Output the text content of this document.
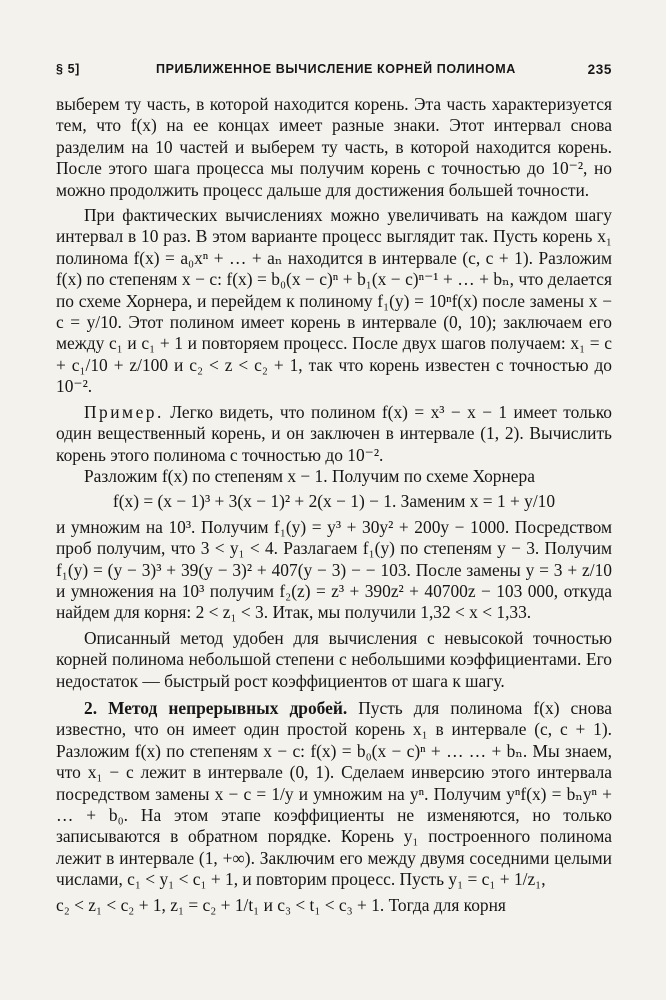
§ 5]	ПРИБЛИЖЕННОЕ ВЫЧИСЛЕНИЕ КОРНЕЙ ПОЛИНОМА	235

выберем ту часть, в которой находится корень. Эта часть характеризуется тем, что f(x) на ее концах имеет разные знаки. Этот интервал снова разделим на 10 частей и выберем ту часть, в которой находится корень. После этого шага процесса мы получим корень с точностью до 10⁻², но можно продолжить процесс дальше для достижения большей точности.

При фактических вычислениях можно увеличивать на каждом шагу интервал в 10 раз. В этом варианте процесс выглядит так. Пусть корень x₁ полинома f(x) = a₀xⁿ + … + aₙ находится в интервале (c, c + 1). Разложим f(x) по степеням x − c: f(x) = b₀(x − c)ⁿ + b₁(x − c)ⁿ⁻¹ + … + bₙ, что делается по схеме Хорнера, и перейдем к полиному f₁(y) = 10ⁿf(x) после замены x − c = y/10. Этот полином имеет корень в интервале (0, 10); заключаем его между c₁ и c₁ + 1 и повторяем процесс. После двух шагов получаем: x₁ = c + c₁/10 + z/100 и c₂ < z < c₂ + 1, так что корень известен с точностью до 10⁻².

Пример. Легко видеть, что полином f(x) = x³ − x − 1 имеет только один вещественный корень, и он заключен в интервале (1, 2). Вычислить корень этого полинома с точностью до 10⁻².

Разложим f(x) по степеням x − 1. Получим по схеме Хорнера

f(x) = (x − 1)³ + 3(x − 1)² + 2(x − 1) − 1. Заменим x = 1 + y/10

и умножим на 10³. Получим f₁(y) = y³ + 30y² + 200y − 1000. Посредством проб получим, что 3 < y₁ < 4. Разлагаем f₁(y) по степеням y − 3. Получим f₁(y) = (y − 3)³ + 39(y − 3)² + 407(y − 3) − − 103. После замены y = 3 + z/10 и умножения на 10³ получим f₂(z) = z³ + 390z² + 40700z − 103 000, откуда найдем для корня: 2 < z₁ < 3. Итак, мы получили 1,32 < x < 1,33.

Описанный метод удобен для вычисления с невысокой точностью корней полинома небольшой степени с небольшими коэффициентами. Его недостаток — быстрый рост коэффициентов от шага к шагу.

2. Метод непрерывных дробей. Пусть для полинома f(x) снова известно, что он имеет один простой корень x₁ в интервале (c, c + 1). Разложим f(x) по степеням x − c: f(x) = b₀(x − c)ⁿ + … … + bₙ. Мы знаем, что x₁ − c лежит в интервале (0, 1). Сделаем инверсию этого интервала посредством замены x − c = 1/y и умножим на yⁿ. Получим yⁿf(x) = bₙyⁿ + … + b₀. На этом этапе коэффициенты не изменяются, но только записываются в обратном порядке. Корень y₁ построенного полинома лежит в интервале (1, +∞). Заключим его между двумя соседними целыми числами, c₁ < y₁ < c₁ + 1, и повторим процесс. Пусть y₁ = c₁ + 1/z₁,

c₂ < z₁ < c₂ + 1, z₁ = c₂ + 1/t₁ и c₃ < t₁ < c₃ + 1. Тогда для корня
